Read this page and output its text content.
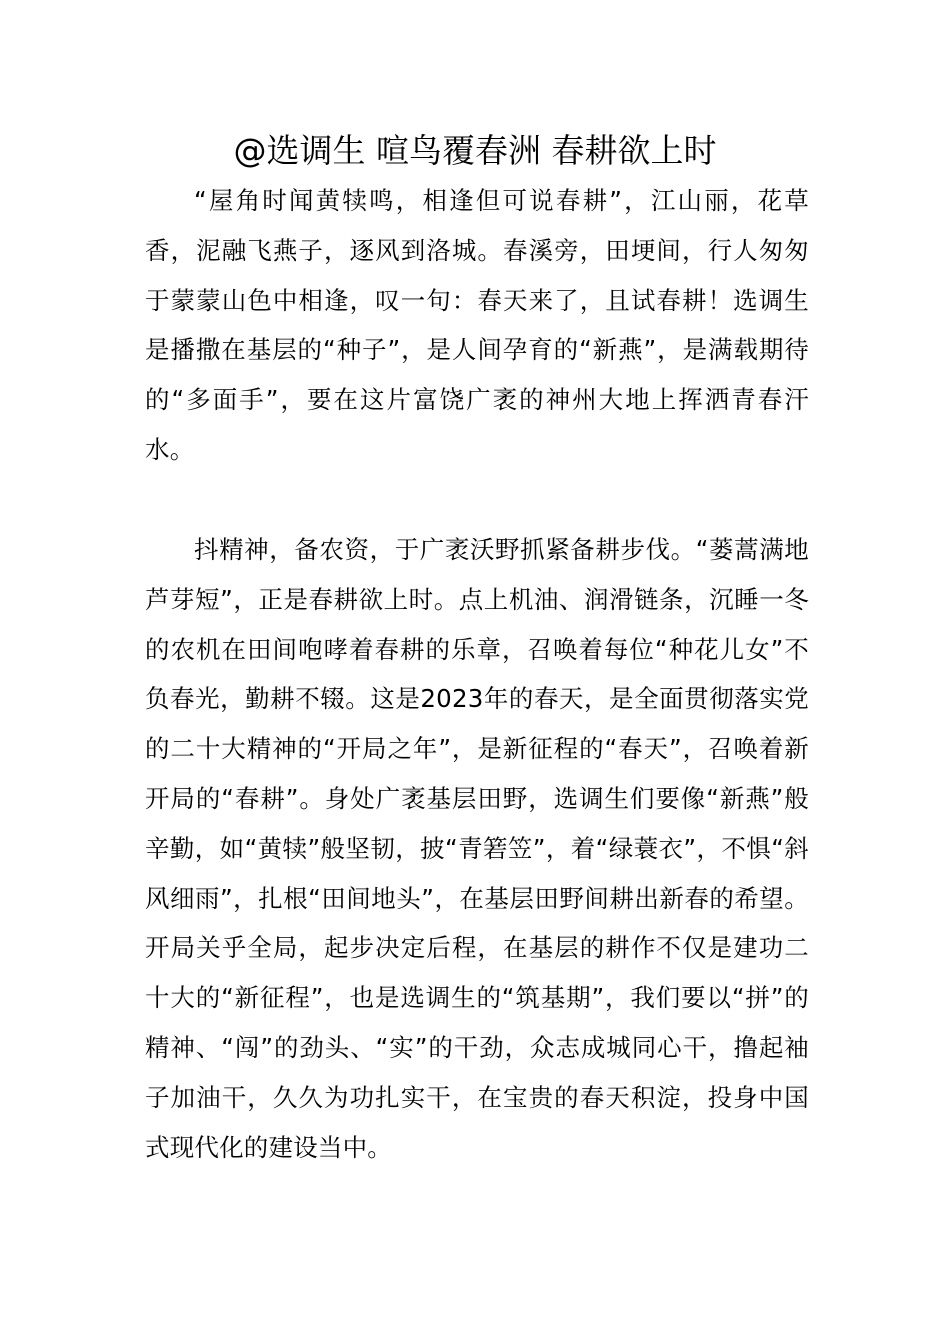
@选调生 喧鸟覆春洲 春耕欲上时

“屋角时闻黄犊鸣，相逢但可说春耕”，江山丽，花草香，泥融飞燕子，逐风到洛城。春溪旁，田埂间，行人匆匆于蒙蒙山色中相逢，叹一句：春天来了，且试春耕！选调生是播撒在基层的“种子”，是人间孕育的“新燕”，是满载期待的“多面手”，要在这片富饶广袤的神州大地上挥洒青春汗水。

抖精神，备农资，于广袤沃野抓紧备耕步伐。“蒌蒿满地芦芽短”，正是春耕欲上时。点上机油、润滑链条，沉睡一冬的农机在田间咆哮着春耕的乐章，召唤着每位“种花儿女”不负春光，勤耕不辍。这是2023年的春天，是全面贯彻落实党的二十大精神的“开局之年”，是新征程的“春天”，召唤着新开局的“春耕”。身处广袤基层田野，选调生们要像“新燕”般辛勤，如“黄犊”般坚韧，披“青箬笠”，着“绿蓑衣”，不惧“斜风细雨”，扎根“田间地头”，在基层田野间耕出新春的希望。开局关乎全局，起步决定后程，在基层的耕作不仅是建功二十大的“新征程”，也是选调生的“筑基期”，我们要以“拼”的精神、“闯”的劲头、“实”的干劲，众志成城同心干，撸起袖子加油干，久久为功扎实干，在宝贵的春天积淀，投身中国式现代化的建设当中。
